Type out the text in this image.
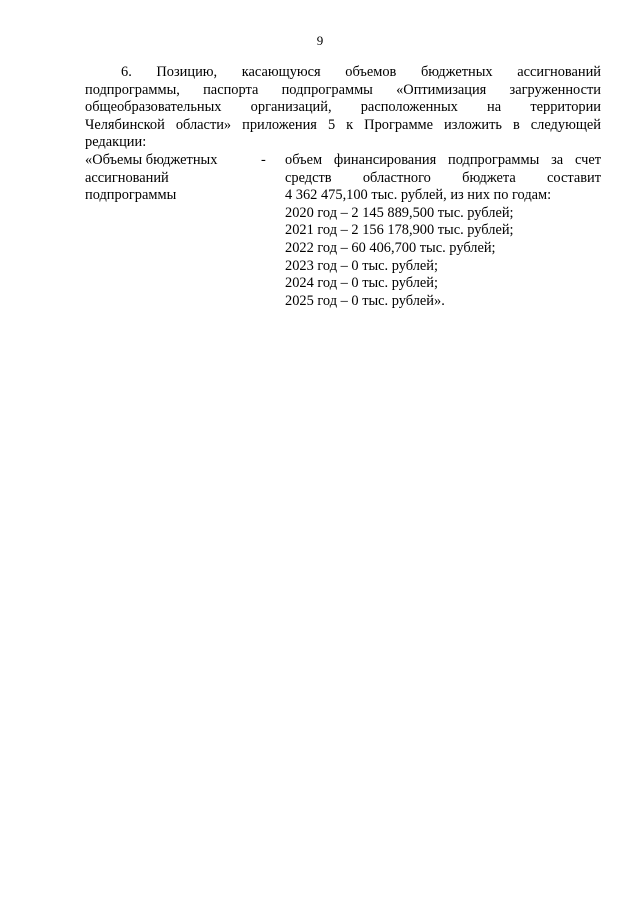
9
6. Позицию, касающуюся объемов бюджетных ассигнований
подпрограммы, паспорта подпрограммы «Оптимизация загруженности
общеобразовательных организаций, расположенных на территории
Челябинской области» приложения 5 к Программе изложить в следующей
редакции:
«Объемы бюджетных
ассигнований
подпрограммы
- объем финансирования подпрограммы за счет
средств областного бюджета составит
4 362 475,100 тыс. рублей, из них по годам:
2020 год – 2 145 889,500 тыс. рублей;
2021 год – 2 156 178,900 тыс. рублей;
2022 год – 60 406,700 тыс. рублей;
2023 год – 0 тыс. рублей;
2024 год – 0 тыс. рублей;
2025 год – 0 тыс. рублей».
